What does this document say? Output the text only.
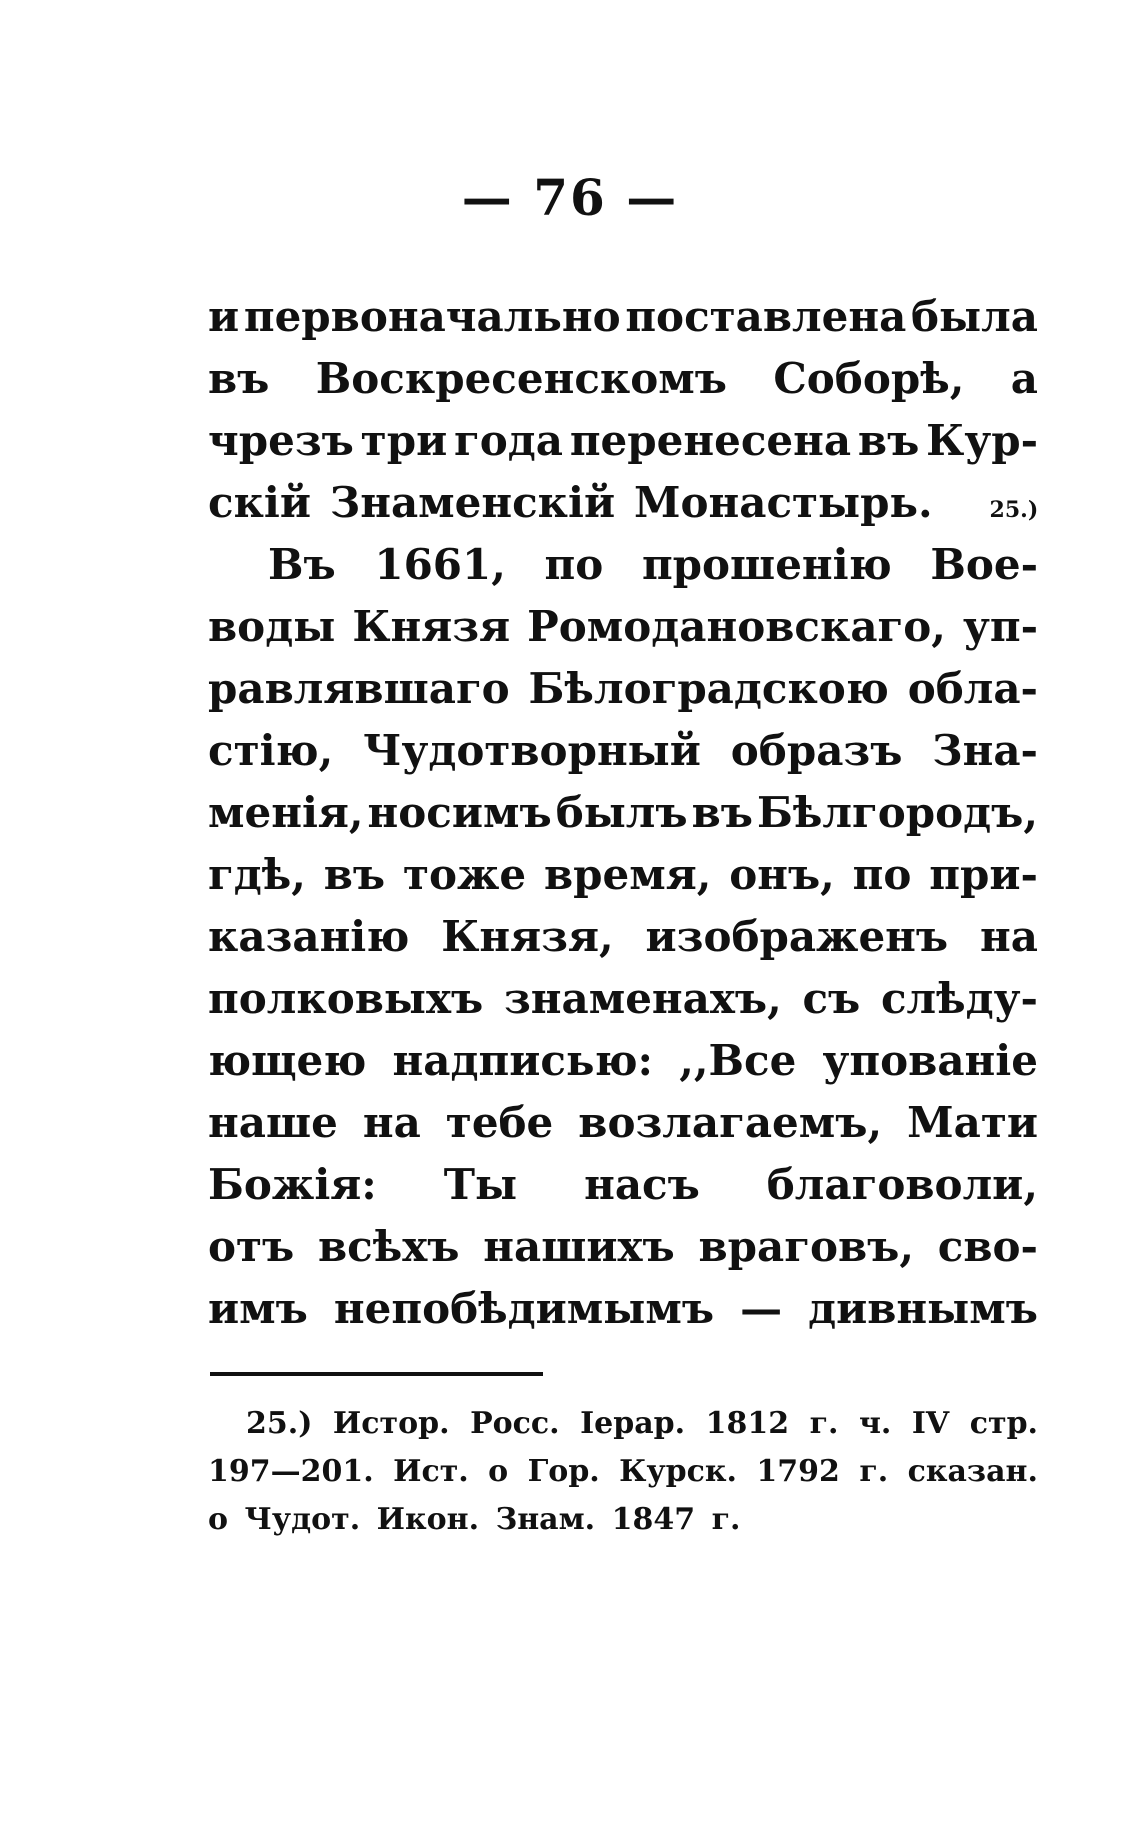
— 76 —
и первоначально поставлена была
въ Воскресенскомъ Соборѣ, а
чрезъ три года перенесена въ Кур-
скій Знаменскій Монастырь.	25.)
Въ 1661, по прошенію Вое-
воды Князя Ромодановскаго, уп-
равлявшаго Бѣлоградскою обла-
стію, Чудотворный образъ Зна-
менія, носимъ былъ въ Бѣлгородъ,
гдѣ, въ тоже время, онъ, по при-
казанію Князя, изображенъ на
полковыхъ знаменахъ, съ слѣду-
ющею надписью: ,,Все упованіе
наше на тебе возлагаемъ, Мати
Божія: Ты насъ благоволи,
отъ всѣхъ нашихъ враговъ, сво-
имъ непобѣдимымъ — дивнымъ
25.) Истор. Росс. Іерар. 1812 г. ч. IV стр.
197—201. Ист. о Гор. Курск. 1792 г. сказан.
о Чудот. Икон. Знам. 1847 г.
